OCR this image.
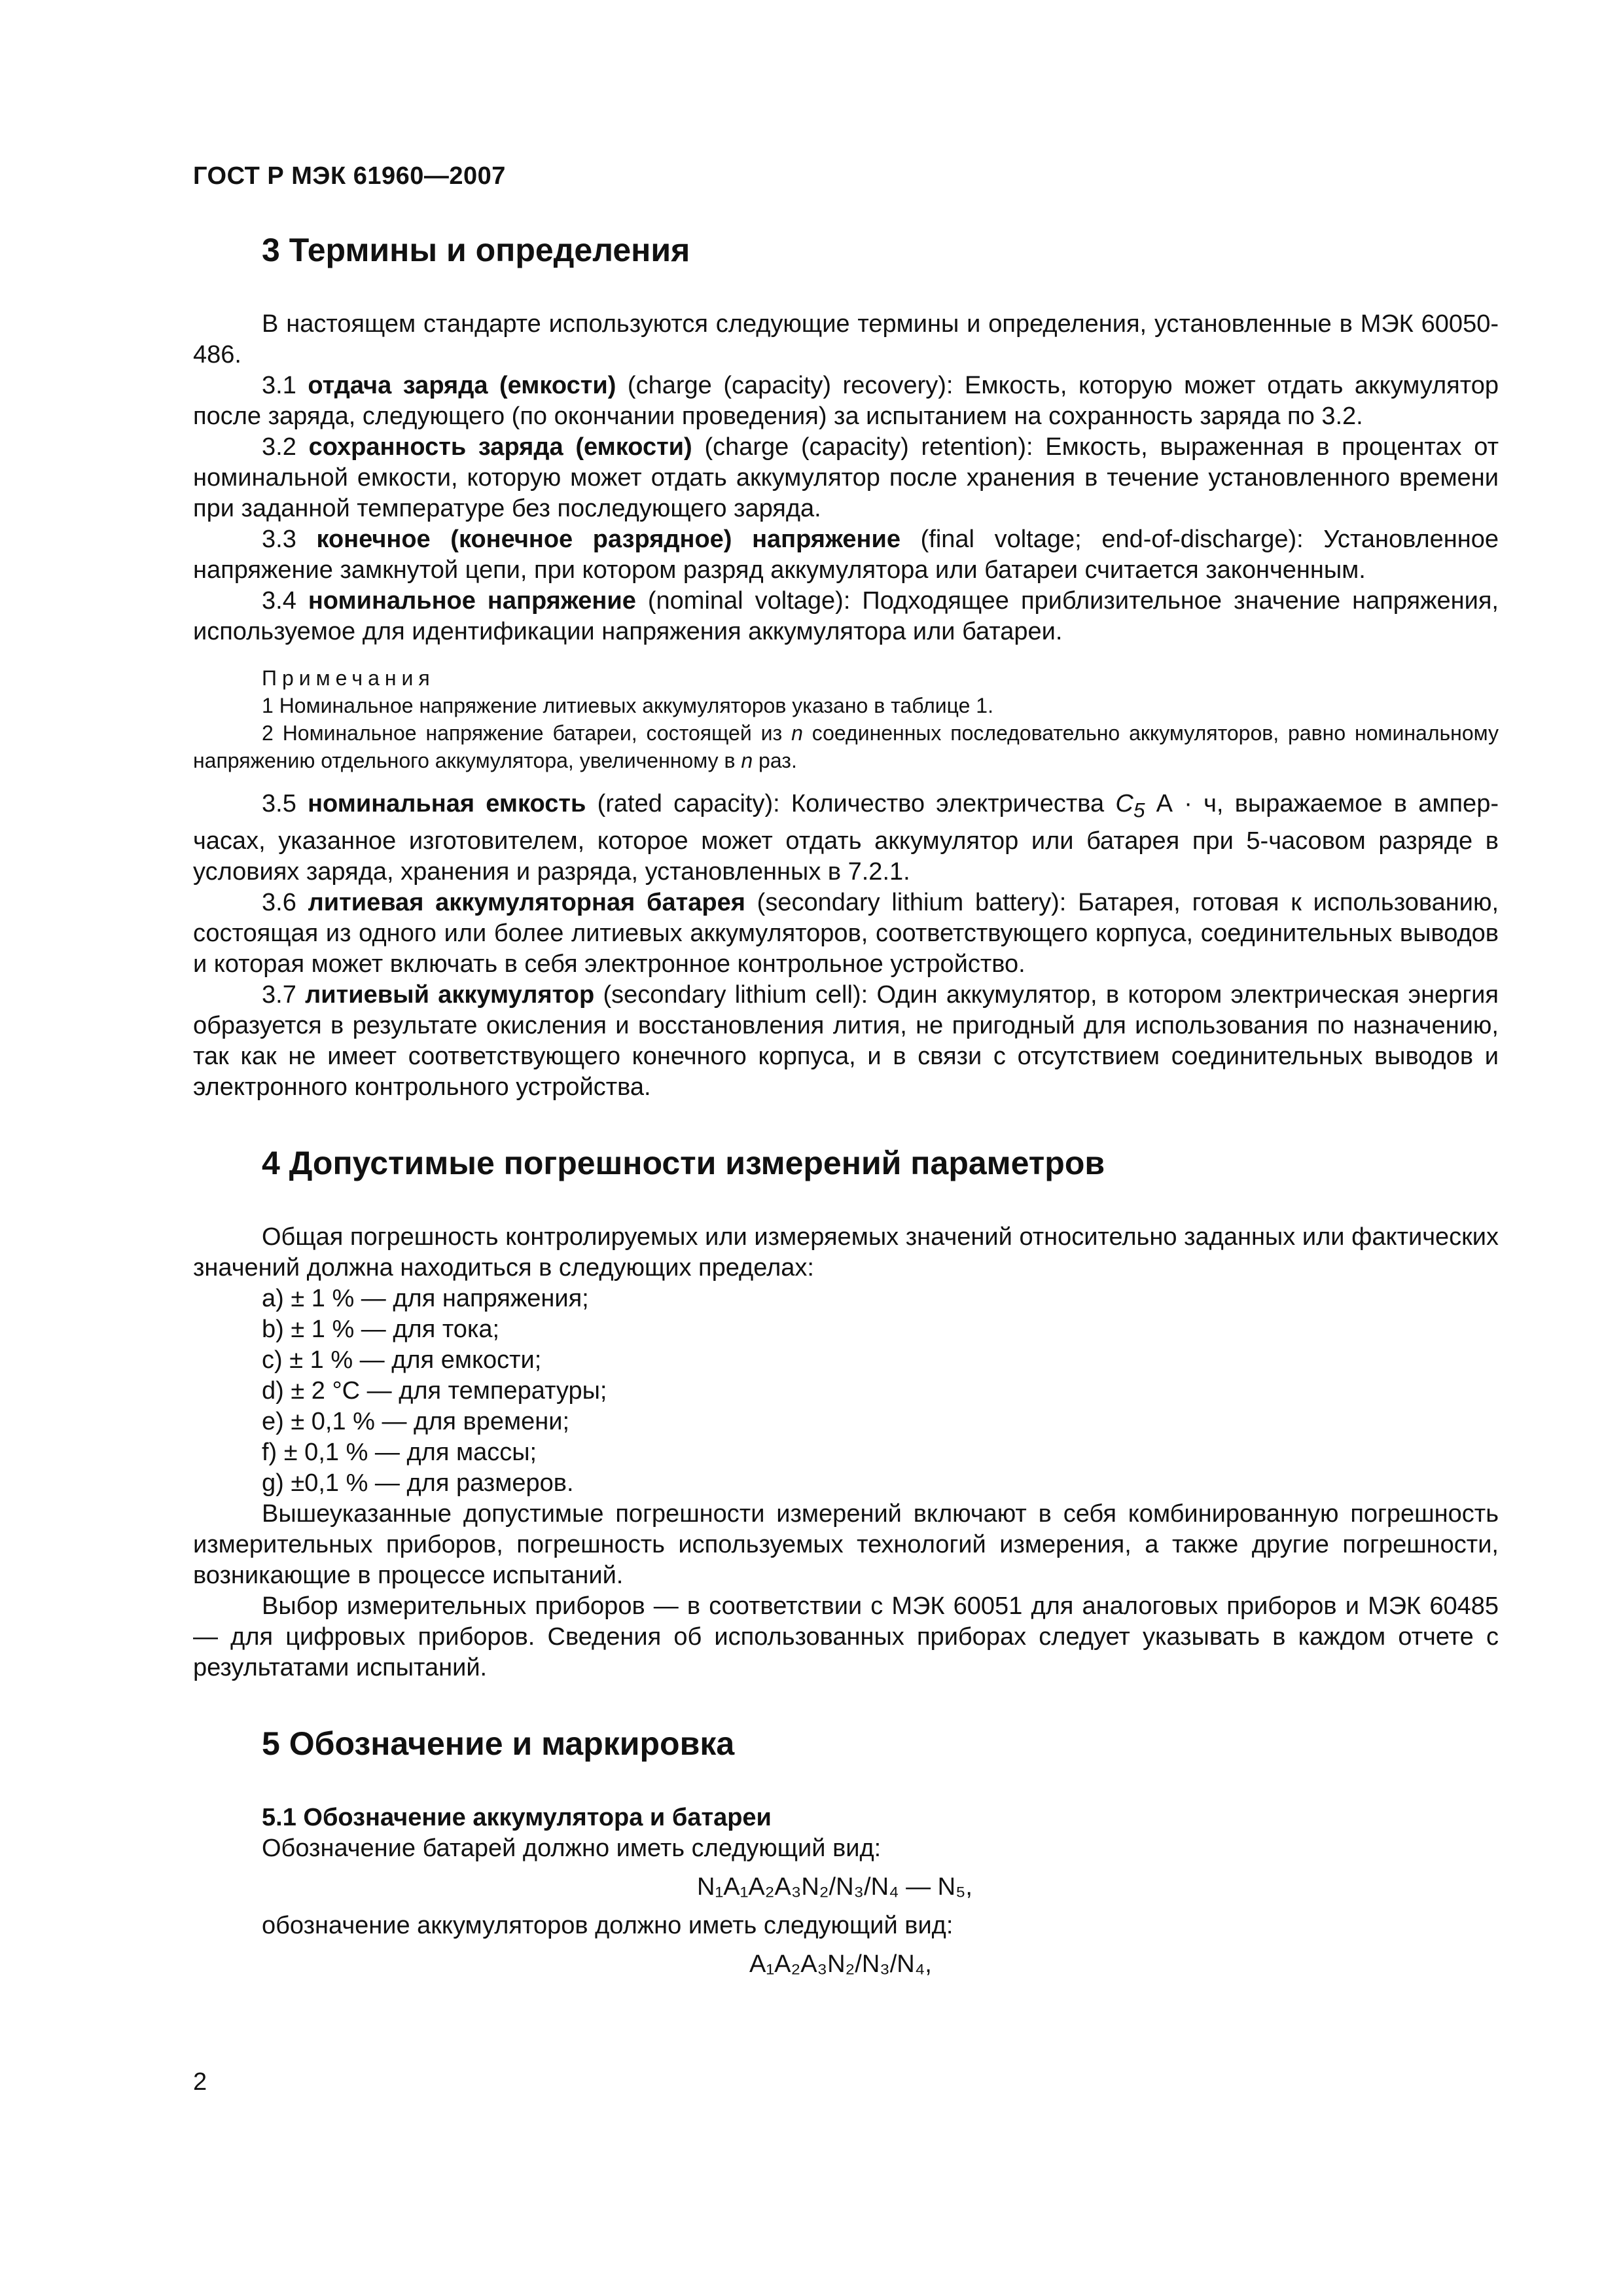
ГОСТ Р МЭК 61960—2007
3 Термины и определения

В настоящем стандарте используются следующие термины и определения, установленные в МЭК 60050-486.

3.1 отдача заряда (емкости) (charge (capacity) recovery): Емкость, которую может отдать аккумулятор после заряда, следующего (по окончании проведения) за испытанием на сохранность заряда по 3.2.

3.2 сохранность заряда (емкости) (charge (capacity) retention): Емкость, выраженная в процентах от номинальной емкости, которую может отдать аккумулятор после хранения в течение установленного времени при заданной температуре без последующего заряда.

3.3 конечное (конечное разрядное) напряжение (final voltage; end-of-discharge): Установленное напряжение замкнутой цепи, при котором разряд аккумулятора или батареи считается законченным.

3.4 номинальное напряжение (nominal voltage): Подходящее приблизительное значение напряжения, используемое для идентификации напряжения аккумулятора или батареи.

Примечания
1 Номинальное напряжение литиевых аккумуляторов указано в таблице 1.
2 Номинальное напряжение батареи, состоящей из n соединенных последовательно аккумуляторов, равно номинальному напряжению отдельного аккумулятора, увеличенному в n раз.

3.5 номинальная емкость (rated capacity): Количество электричества $C_5$ А · ч, выражаемое в ампер-часах, указанное изготовителем, которое может отдать аккумулятор или батарея при 5-часовом разряде в условиях заряда, хранения и разряда, установленных в 7.2.1.

3.6 литиевая аккумуляторная батарея (secondary lithium battery): Батарея, готовая к использованию, состоящая из одного или более литиевых аккумуляторов, соответствующего корпуса, соединительных выводов и которая может включать в себя электронное контрольное устройство.

3.7 литиевый аккумулятор (secondary lithium cell): Один аккумулятор, в котором электрическая энергия образуется в результате окисления и восстановления лития, не пригодный для использования по назначению, так как не имеет соответствующего конечного корпуса, и в связи с отсутствием соединительных выводов и электронного контрольного устройства.

4 Допустимые погрешности измерений параметров

Общая погрешность контролируемых или измеряемых значений относительно заданных или фактических значений должна находиться в следующих пределах:

a) ± 1 % — для напряжения;
b) ± 1 % — для тока;
c) ± 1 % — для емкости;
d) ± 2 °C — для температуры;
e) ± 0,1 % — для времени;
f) ± 0,1 % — для массы;
g) ±0,1 % — для размеров.

Вышеуказанные допустимые погрешности измерений включают в себя комбинированную погрешность измерительных приборов, погрешность используемых технологий измерения, а также другие погрешности, возникающие в процессе испытаний.

Выбор измерительных приборов — в соответствии с МЭК 60051 для аналоговых приборов и МЭК 60485 — для цифровых приборов. Сведения об использованных приборах следует указывать в каждом отчете с результатами испытаний.

5 Обозначение и маркировка
5.1 Обозначение аккумулятора и батареи
Обозначение батарей должно иметь следующий вид:
N₁A₁A₂A₃N₂/N₃/N₄ — N₅,
обозначение аккумуляторов должно иметь следующий вид:
A₁A₂A₃N₂/N₃/N₄,
2
